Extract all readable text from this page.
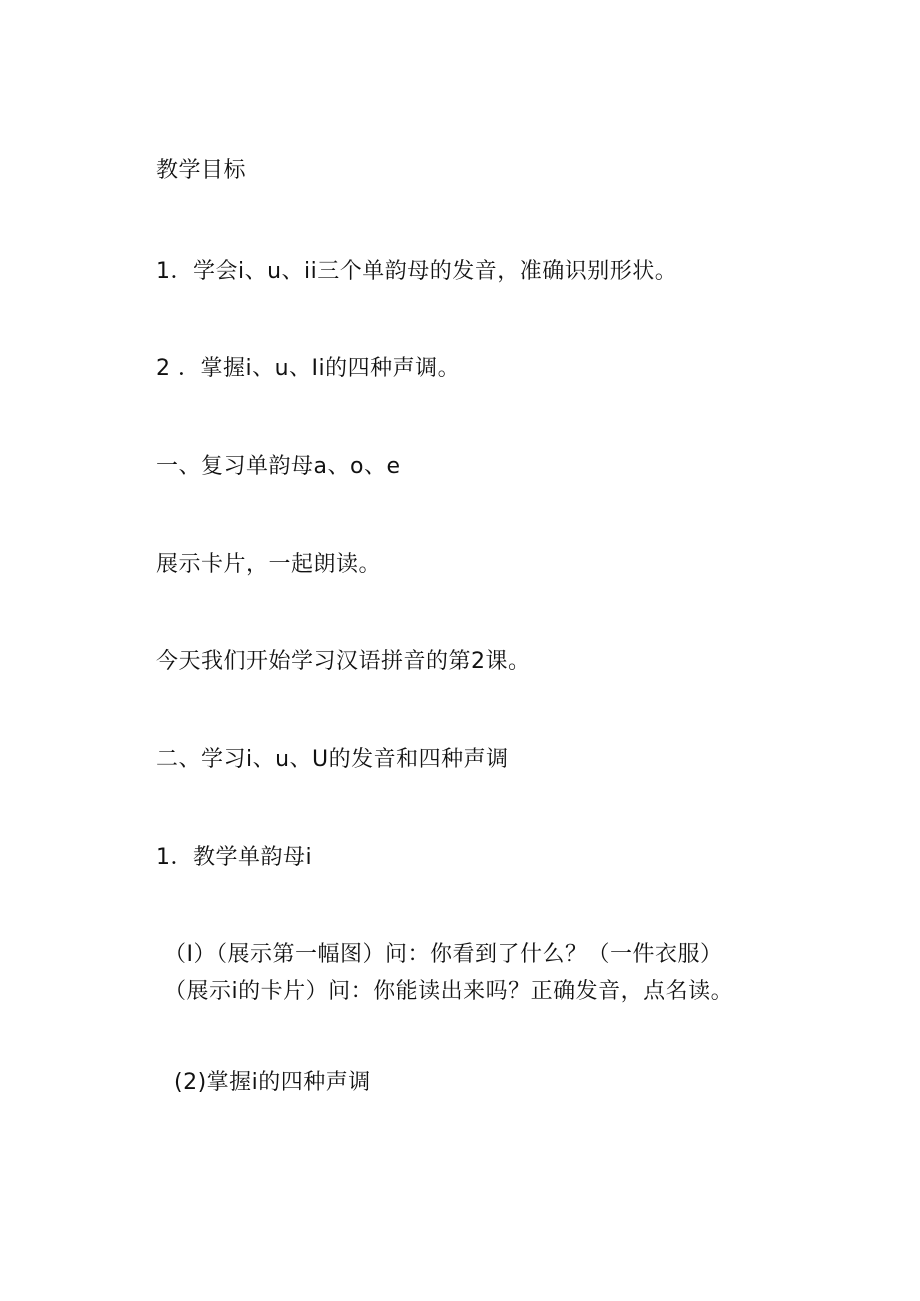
教学目标
1．学会i、u、ii三个单韵母的发音，准确识别形状。
2 ．掌握i、u、Ii的四种声调。
一、复习单韵母a、o、e
展示卡片，一起朗读。
今天我们开始学习汉语拼音的第2课。
二、学习i、u、U的发音和四种声调
1．教学单韵母i
（I）（展示第一幅图）问：你看到了什么？（一件衣服）
（展示i的卡片）问：你能读出来吗？正确发音，点名读。
(2)掌握i的四种声调
